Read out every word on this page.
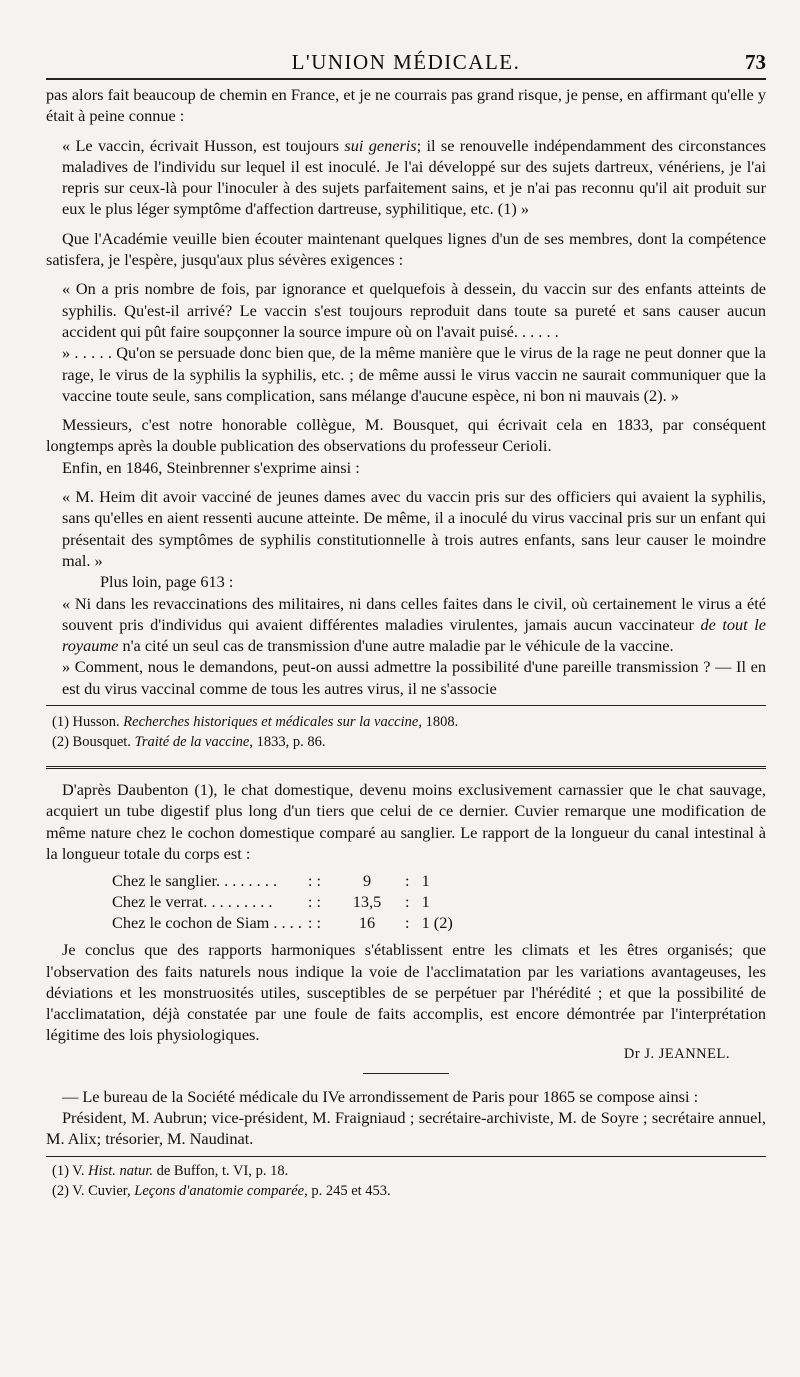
L'UNION MÉDICALE.	73

pas alors fait beaucoup de chemin en France, et je ne courrais pas grand risque, je pense, en affirmant qu'elle y était à peine connue :

« Le vaccin, écrivait Husson, est toujours sui generis; il se renouvelle indépendamment des circonstances maladives de l'individu sur lequel il est inoculé. Je l'ai développé sur des sujets dartreux, vénériens, je l'ai repris sur ceux-là pour l'inoculer à des sujets parfaitement sains, et je n'ai pas reconnu qu'il ait produit sur eux le plus léger symptôme d'affection dartreuse, syphilitique, etc. (1) »

Que l'Académie veuille bien écouter maintenant quelques lignes d'un de ses membres, dont la compétence satisfera, je l'espère, jusqu'aux plus sévères exigences :

« On a pris nombre de fois, par ignorance et quelquefois à dessein, du vaccin sur des enfants atteints de syphilis. Qu'est-il arrivé? Le vaccin s'est toujours reproduit dans toute sa pureté et sans causer aucun accident qui pût faire soupçonner la source impure où on l'avait puisé. . . . . .

» . . . . . Qu'on se persuade donc bien que, de la même manière que le virus de la rage ne peut donner que la rage, le virus de la syphilis la syphilis, etc. ; de même aussi le virus vaccin ne saurait communiquer que la vaccine toute seule, sans complication, sans mélange d'aucune espèce, ni bon ni mauvais (2). »

Messieurs, c'est notre honorable collègue, M. Bousquet, qui écrivait cela en 1833, par conséquent longtemps après la double publication des observations du professeur Cerioli.

Enfin, en 1846, Steinbrenner s'exprime ainsi :

« M. Heim dit avoir vacciné de jeunes dames avec du vaccin pris sur des officiers qui avaient la syphilis, sans qu'elles en aient ressenti aucune atteinte. De même, il a inoculé du virus vaccinal pris sur un enfant qui présentait des symptômes de syphilis constitutionnelle à trois autres enfants, sans leur causer le moindre mal. »

Plus loin, page 613 :

« Ni dans les revaccinations des militaires, ni dans celles faites dans le civil, où certainement le virus a été souvent pris d'individus qui avaient différentes maladies virulentes, jamais aucun vaccinateur de tout le royaume n'a cité un seul cas de transmission d'une autre maladie par le véhicule de la vaccine.

» Comment, nous le demandons, peut-on aussi admettre la possibilité d'une pareille transmission ? — Il en est du virus vaccinal comme de tous les autres virus, il ne s'associe

(1) Husson. Recherches historiques et médicales sur la vaccine, 1808.

(2) Bousquet. Traité de la vaccine, 1833, p. 86.

D'après Daubenton (1), le chat domestique, devenu moins exclusivement carnassier que le chat sauvage, acquiert un tube digestif plus long d'un tiers que celui de ce dernier. Cuvier remarque une modification de même nature chez le cochon domestique comparé au sanglier. Le rapport de la longueur du canal intestinal à la longueur totale du corps est :

Chez le sanglier. . . . . . . .	: :	9	:	1
Chez le verrat. . . . . . . . .	: :	13,5	:	1
Chez le cochon de Siam . . . .	: :	16	:	1 (2)

Je conclus que des rapports harmoniques s'établissent entre les climats et les êtres organisés; que l'observation des faits naturels nous indique la voie de l'acclimatation par les variations avantageuses, les déviations et les monstruosités utiles, susceptibles de se perpétuer par l'hérédité ; et que la possibilité de l'acclimatation, déjà constatée par une foule de faits accomplis, est encore démontrée par l'interprétation légitime des lois physiologiques.

Dr J. JEANNEL.

— Le bureau de la Société médicale du IVe arrondissement de Paris pour 1865 se compose ainsi :

Président, M. Aubrun; vice-président, M. Fraigniaud ; secrétaire-archiviste, M. de Soyre ; secrétaire annuel, M. Alix; trésorier, M. Naudinat.

(1) V. Hist. natur. de Buffon, t. VI, p. 18.

(2) V. Cuvier, Leçons d'anatomie comparée, p. 245 et 453.
